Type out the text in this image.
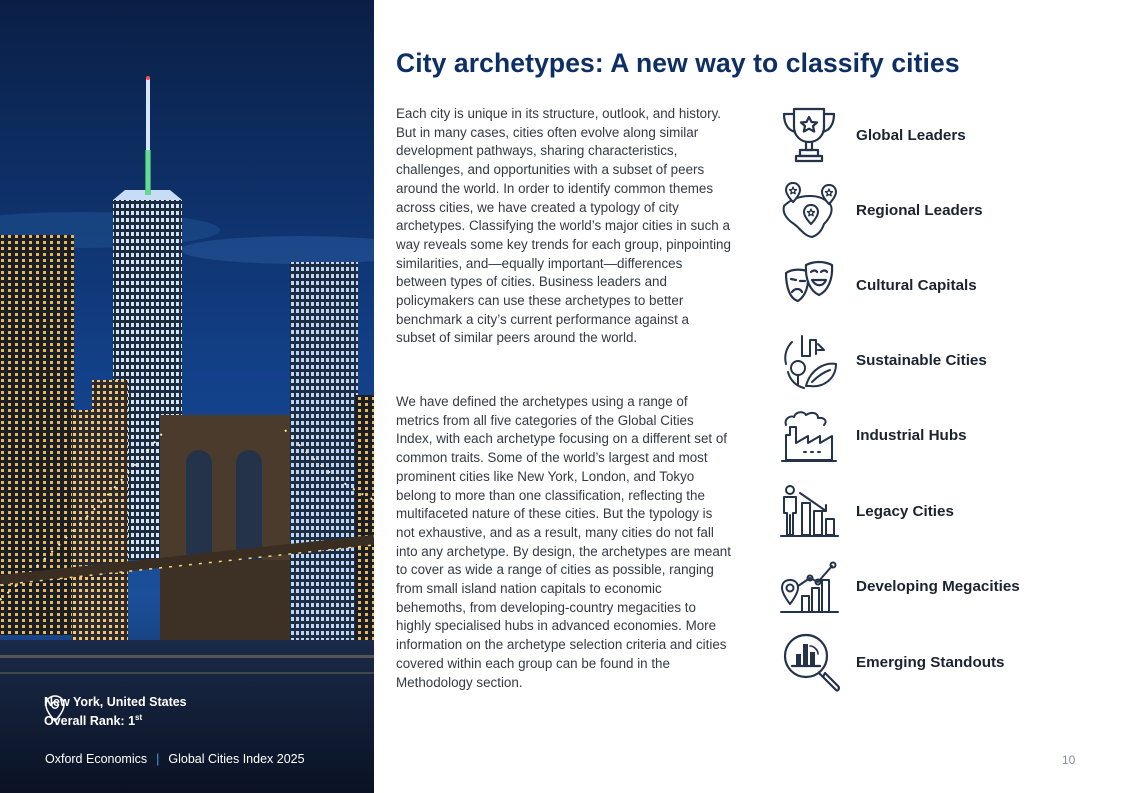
New York, United States
Overall Rank: 1st
Oxford Economics | Global Cities Index 2025
City archetypes: A new way to classify cities

Each city is unique in its structure, outlook, and history. But in many cases, cities often evolve along similar development pathways, sharing characteristics, challenges, and opportunities with a subset of peers around the world. In order to identify common themes across cities, we have created a typology of city archetypes. Classifying the world’s major cities in such a way reveals some key trends for each group, pinpointing similarities, and—equally important—differences between types of cities. Business leaders and policymakers can use these archetypes to better benchmark a city’s current performance against a subset of similar peers around the world.

We have defined the archetypes using a range of metrics from all five categories of the Global Cities Index, with each archetype focusing on a different set of common traits. Some of the world’s largest and most prominent cities like New York, London, and Tokyo belong to more than one classification, reflecting the multifaceted nature of these cities. But the typology is not exhaustive, and as a result, many cities do not fall into any archetype. By design, the archetypes are meant to cover as wide a range of cities as possible, ranging from small island nation capitals to economic behemoths, from developing-country megacities to highly specialised hubs in advanced economies. More information on the archetype selection criteria and cities covered within each group can be found in the Methodology section.

Global Leaders
Regional Leaders
Cultural Capitals
Sustainable Cities
Industrial Hubs
Legacy Cities
Developing Megacities
Emerging Standouts
10
